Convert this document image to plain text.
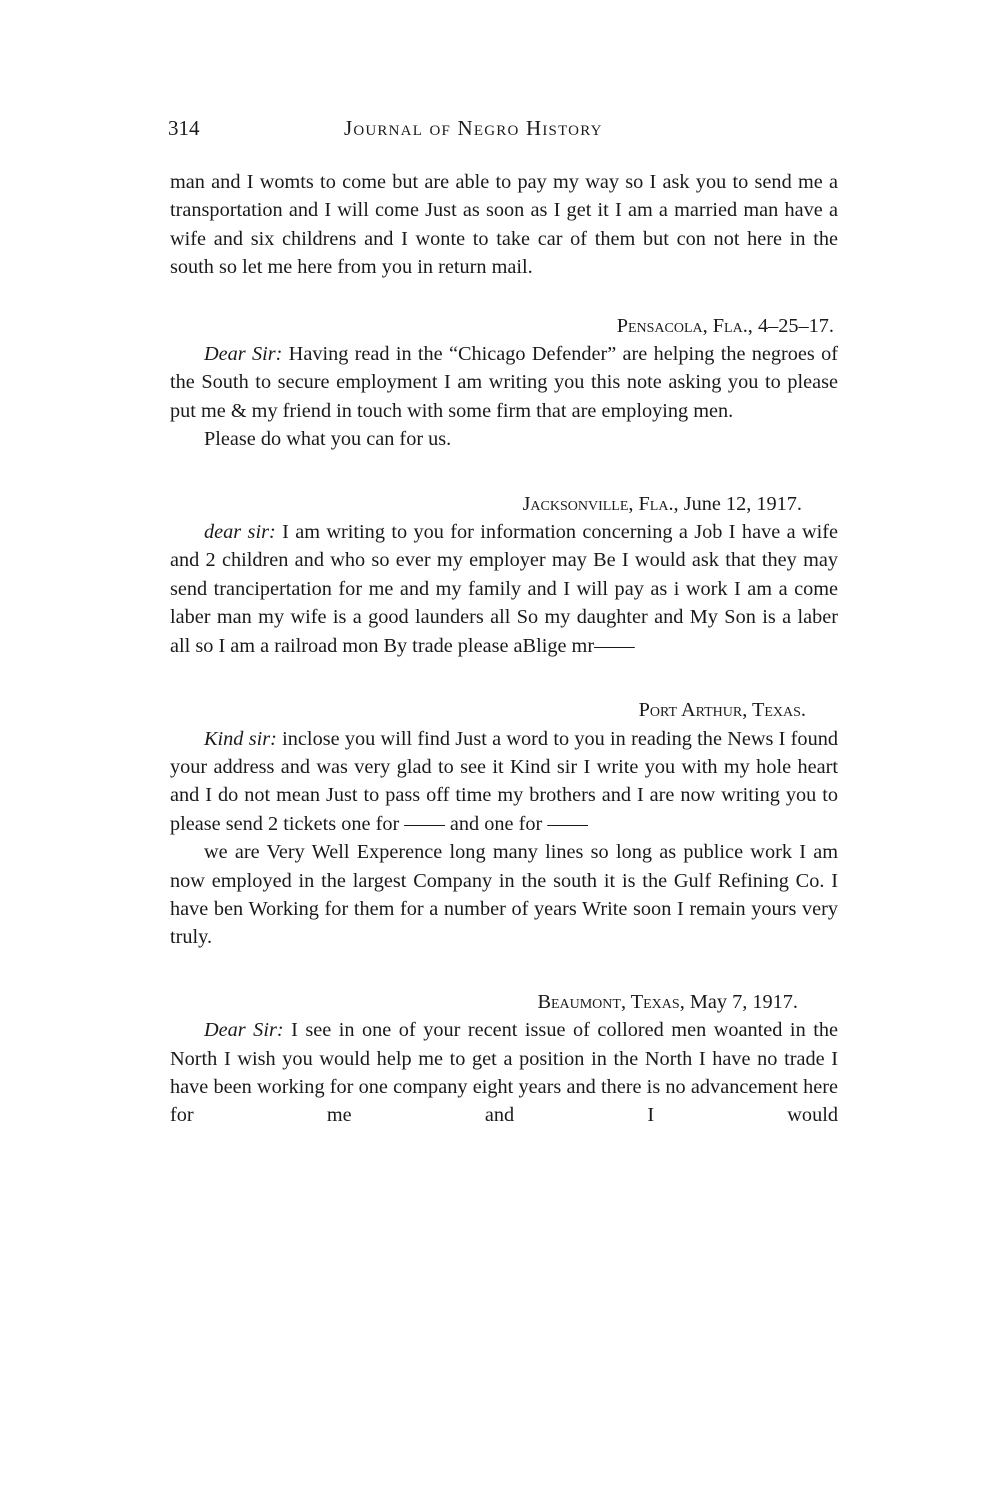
314	Journal of Negro History

man and I womts to come but are able to pay my way so I ask you to send me a transportation and I will come Just as soon as I get it I am a married man have a wife and six childrens and I wonte to take car of them but con not here in the south so let me here from you in return mail.

Pensacola, Fla., 4–25–17.

Dear Sir: Having read in the “Chicago Defender” are helping the negroes of the South to secure employment I am writing you this note asking you to please put me & my friend in touch with some firm that are employing men.

Please do what you can for us.

Jacksonville, Fla., June 12, 1917.

dear sir: I am writing to you for information concerning a Job I have a wife and 2 children and who so ever my employer may Be I would ask that they may send trancipertation for me and my family and I will pay as i work I am a come laber man my wife is a good launders all So my daughter and My Son is a laber all so I am a railroad mon By trade please aBlige mr——

Port Arthur, Texas.

Kind sir: inclose you will find Just a word to you in reading the News I found your address and was very glad to see it Kind sir I write you with my hole heart and I do not mean Just to pass off time my brothers and I are now writing you to please send 2 tickets one for —— and one for ——

we are Very Well Experence long many lines so long as publice work I am now employed in the largest Company in the south it is the Gulf Refining Co. I have ben Working for them for a number of years Write soon I remain yours very truly.

Beaumont, Texas, May 7, 1917.

Dear Sir: I see in one of your recent issue of collored men woanted in the North I wish you would help me to get a position in the North I have no trade I have been working for one company eight years and there is no advancement here for me and I would
